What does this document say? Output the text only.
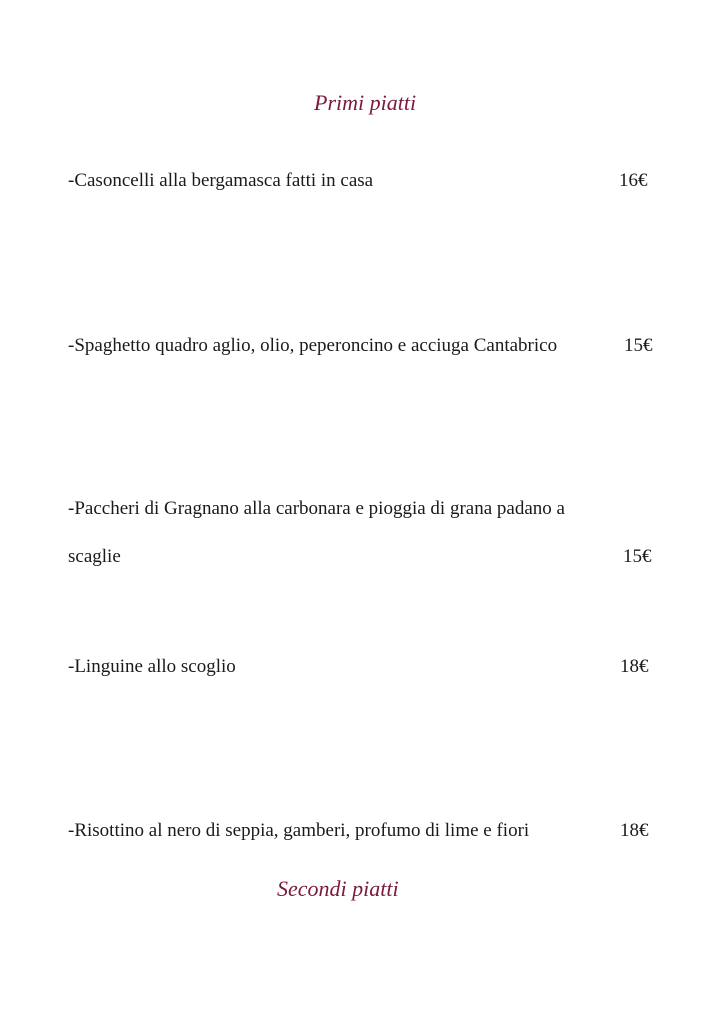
Primi piatti
-Casoncelli alla bergamasca fatti in casa	16€
-Spaghetto quadro aglio, olio, peperoncino e acciuga Cantabrico	15€
-Paccheri di Gragnano alla carbonara e pioggia di grana padano a
scaglie	15€
-Linguine allo scoglio	18€
-Risottino al nero di seppia, gamberi, profumo di lime e fiori	18€
Secondi piatti
